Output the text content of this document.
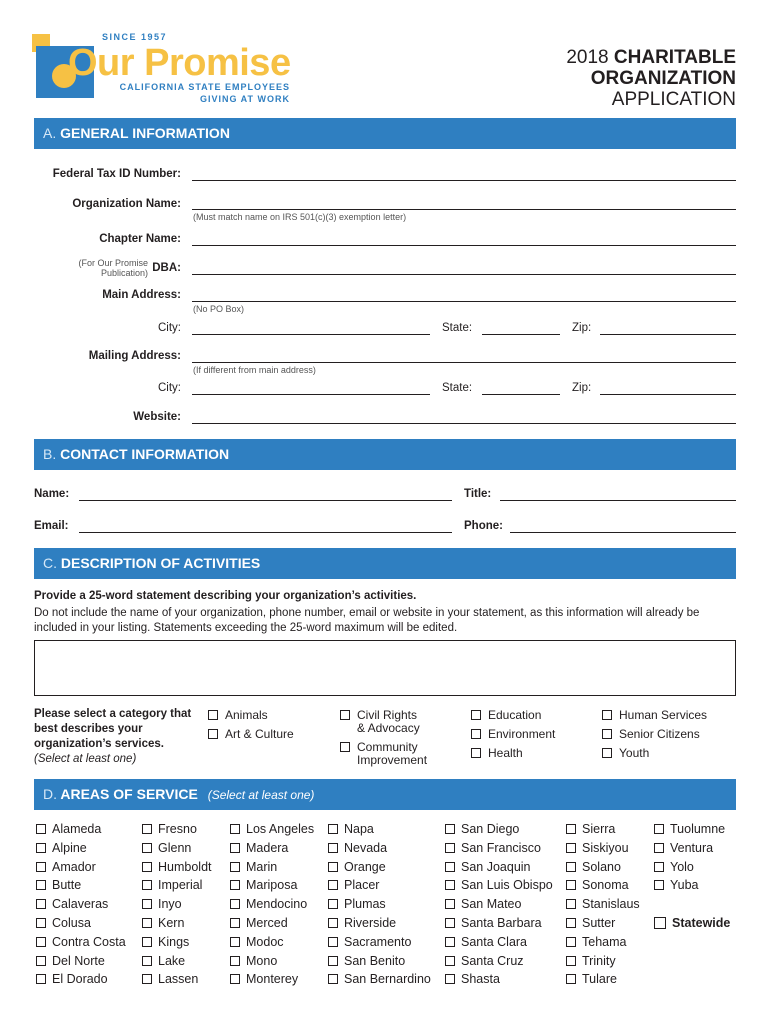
SINCE 1957
Our Promise
CALIFORNIA STATE EMPLOYEES
GIVING AT WORK
2018 CHARITABLE
ORGANIZATION
APPLICATION
A. GENERAL INFORMATION
Federal Tax ID Number:
Organization Name:
(Must match name on IRS 501(c)(3) exemption letter)
Chapter Name:
(For Our Promise
Publication) DBA:
Main Address:
(No PO Box)
City:	State:	Zip:
Mailing Address:
(If different from main address)
City:	State:	Zip:
Website:
B. CONTACT INFORMATION
Name:	Title:
Email:	Phone:
C. DESCRIPTION OF ACTIVITIES
Provide a 25-word statement describing your organization’s activities.
Do not include the name of your organization, phone number, email or website in your statement, as this information will already be included in your listing. Statements exceeding the 25-word maximum will be edited.
Please select a category that best describes your organization’s services.
(Select at least one)
Animals
Art & Culture
Civil Rights
& Advocacy
Community
Improvement
Education
Environment
Health
Human Services
Senior Citizens
Youth
D. AREAS OF SERVICE (Select at least one)
Alameda
Alpine
Amador
Butte
Calaveras
Colusa
Contra Costa
Del Norte
El Dorado
Fresno
Glenn
Humboldt
Imperial
Inyo
Kern
Kings
Lake
Lassen
Los Angeles
Madera
Marin
Mariposa
Mendocino
Merced
Modoc
Mono
Monterey
Napa
Nevada
Orange
Placer
Plumas
Riverside
Sacramento
San Benito
San Bernardino
San Diego
San Francisco
San Joaquin
San Luis Obispo
San Mateo
Santa Barbara
Santa Clara
Santa Cruz
Shasta
Sierra
Siskiyou
Solano
Sonoma
Stanislaus
Sutter
Tehama
Trinity
Tulare
Tuolumne
Ventura
Yolo
Yuba
Statewide
